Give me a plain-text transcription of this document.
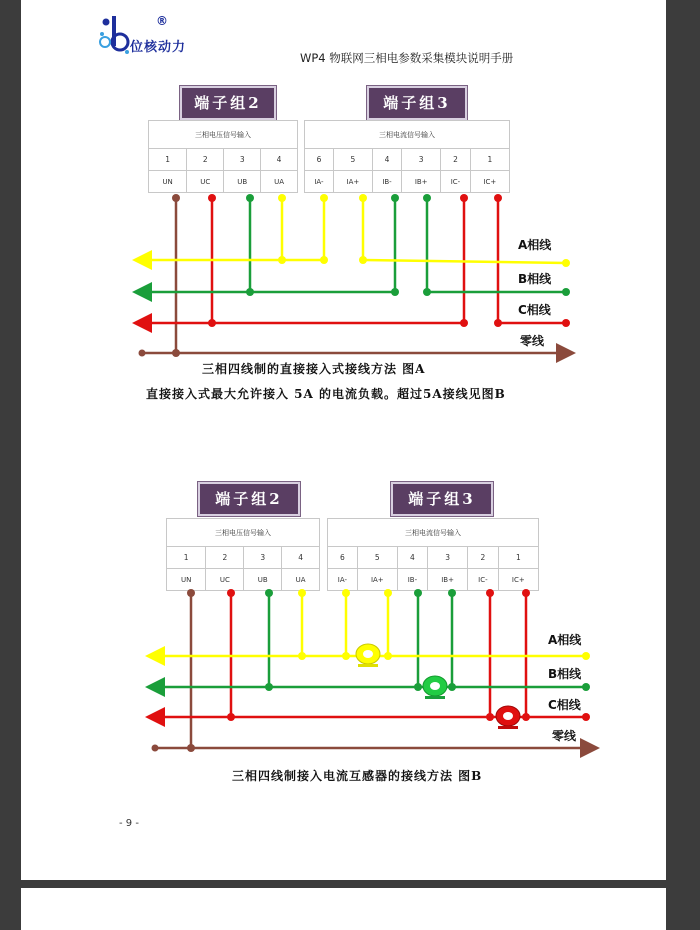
®
位核动力
WP4 物联网三相电参数采集模块说明手册
端子组2	端子组3
三相电压信号输入			
1	2	3	4
UN	UC	UB	UA
三相电流信号输入					
6	5	4	3	2	1
IA-	IA+	IB-	IB+	IC-	IC+
A相线
B相线
C相线
零线
三相四线制的直接接入式接线方法 图A
直接接入式最大允许接入 5A 的电流负载。超过5A接线见图B
端子组2	端子组3
三相电压信号输入			
1	2	3	4
UN	UC	UB	UA
三相电流信号输入					
6	5	4	3	2	1
IA-	IA+	IB-	IB+	IC-	IC+
A相线
B相线
C相线
零线
三相四线制接入电流互感器的接线方法 图B
- 9 -
